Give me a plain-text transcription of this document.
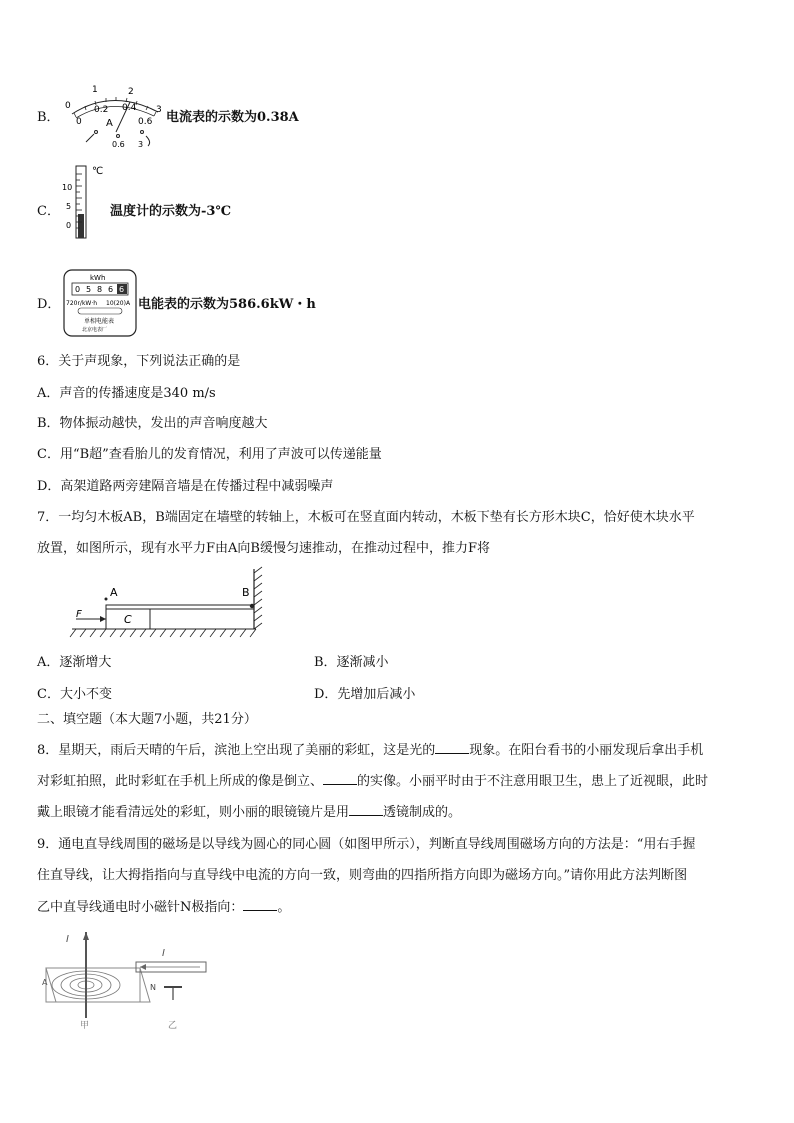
B．
0
1	2
3
0
0.2 0.4
0.6
A
0.6 3
电流表的示数为0.38A
C．
℃
10
5
0
温度计的示数为-3℃
D．
kWh
0 5 8 6 6
720r/kW·h 10(20)A
单相电能表
北京电表厂
电能表的示数为586.6kW・h
6．关于声现象，下列说法正确的是
A．声音的传播速度是340 m/s
B．物体振动越快，发出的声音响度越大
C．用“B超”查看胎儿的发育情况，利用了声波可以传递能量
D．高架道路两旁建隔音墙是在传播过程中减弱噪声
7．一均匀木板AB，B端固定在墙壁的转轴上，木板可在竖直面内转动，木板下垫有长方形木块C，恰好使木块水平
放置，如图所示，现有水平力F由A向B缓慢匀速推动，在推动过程中，推力F将
A	B
C
F
A．逐渐增大	B．逐渐减小
C．大小不变	D．先增加后减小
二、填空题（本大题7小题，共21分）
8．星期天，雨后天晴的午后，滨池上空出现了美丽的彩虹，这是光的	现象。在阳台看书的小丽发现后拿出手机
对彩虹拍照，此时彩虹在手机上所成的像是倒立、	的实像。小丽平时由于不注意用眼卫生，患上了近视眼，此时
戴上眼镜才能看清远处的彩虹，则小丽的眼镜镜片是用	透镜制成的。
9．通电直导线周围的磁场是以导线为圆心的同心圆（如图甲所示），判断直导线周围磁场方向的方法是：“用右手握
住直导线，让大拇指指向与直导线中电流的方向一致，则弯曲的四指所指方向即为磁场方向。”请你用此方法判断图
乙中直导线通电时小磁针N极指向：	。
I
A
甲
I
N
乙
